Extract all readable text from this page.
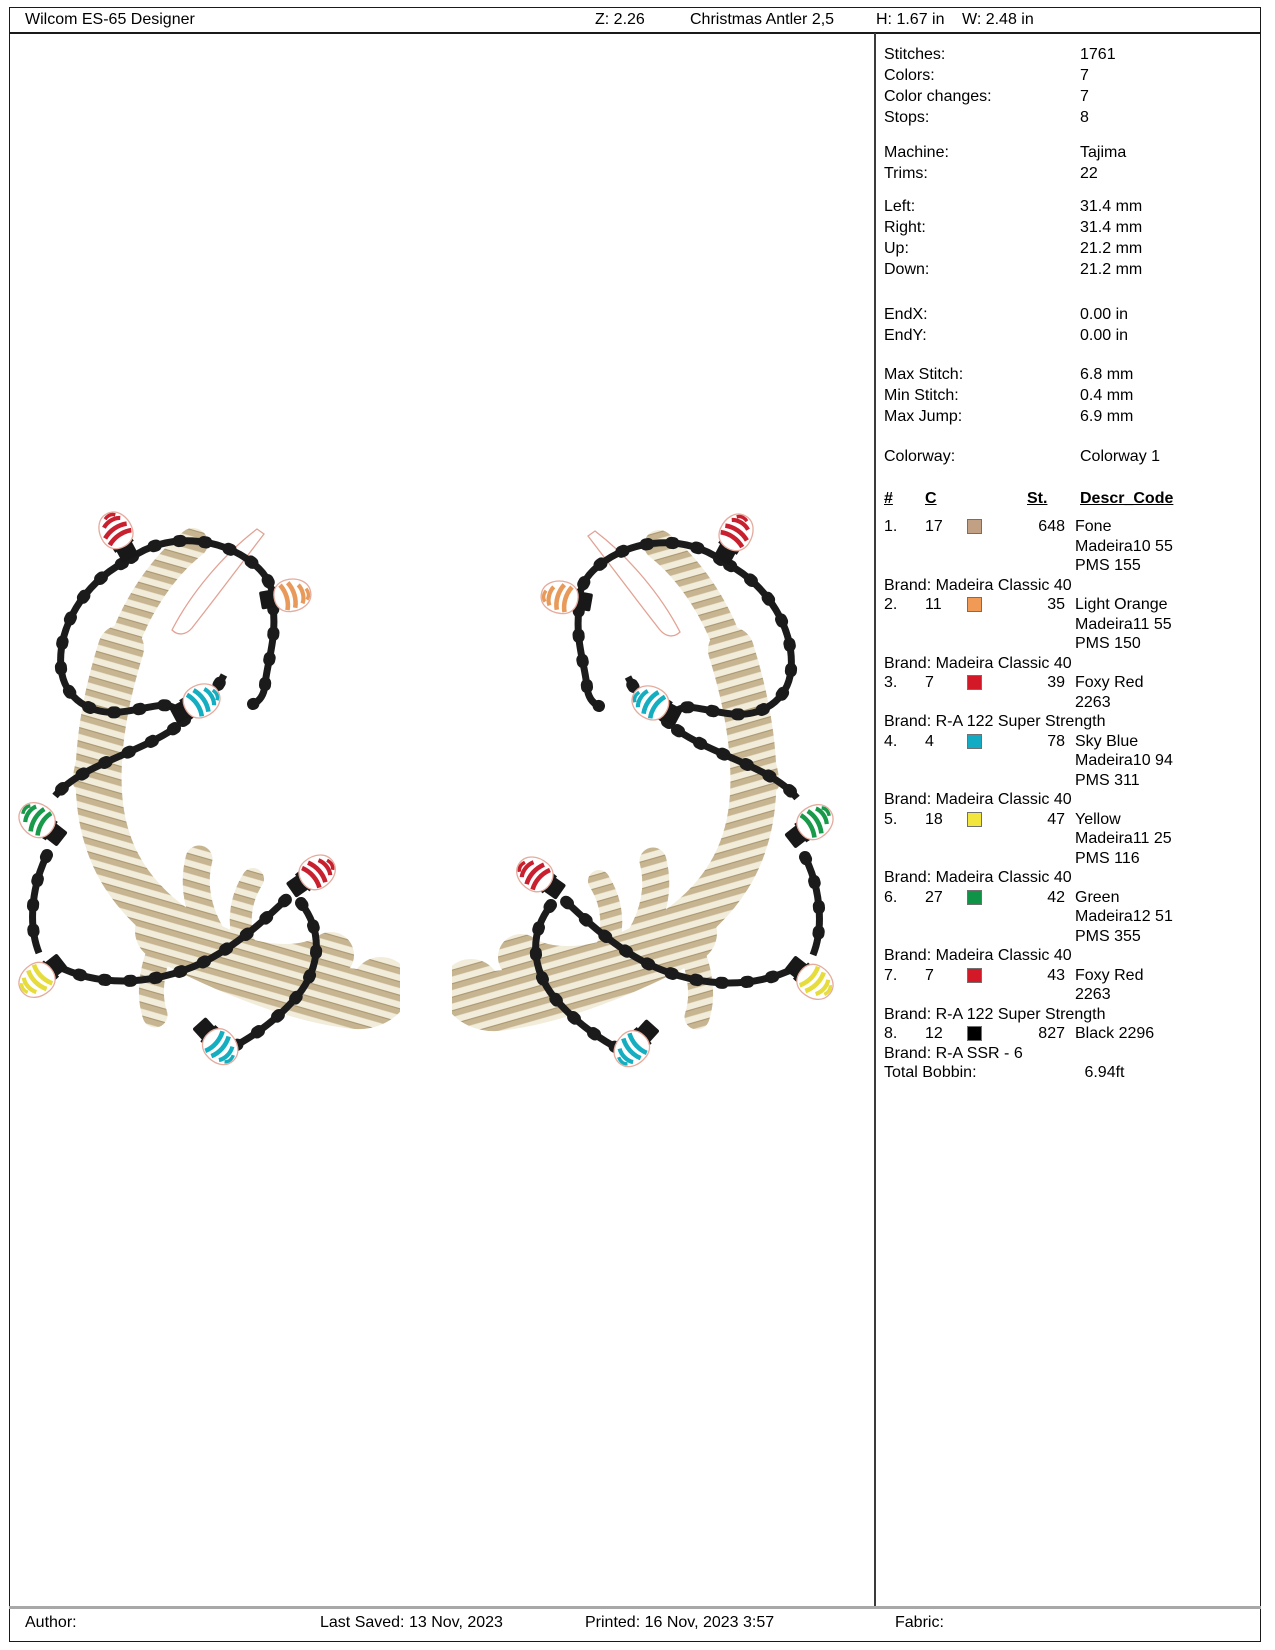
Wilcom ES-65 Designer	Z: 2.26	Christmas Antler 2,5	H: 1.67 in W: 2.48 in
Author:	Last Saved: 13 Nov, 2023	Printed: 16 Nov, 2023 3:57	Fabric:
Stitches:	1761
Colors:	7
Color changes:	7
Stops:	8
Machine:	Tajima
Trims:	22
Left:	31.4 mm
Right:	31.4 mm
Up:	21.2 mm
Down:	21.2 mm
EndX:	0.00 in
EndY:	0.00 in
Max Stitch:	6.8 mm
Min Stitch:	0.4 mm
Max Jump:	6.9 mm
Colorway:	Colorway 1
# C	St. Descr_Code
1. 17	648 Fone
Madeira10 55
PMS 155
Brand: Madeira Classic 40
2. 11	35 Light Orange
Madeira11 55
PMS 150
Brand: Madeira Classic 40
3. 7	39 Foxy Red
2263
Brand: R-A 122 Super Strength
4. 4	78 Sky Blue
Madeira10 94
PMS 311
Brand: Madeira Classic 40
5. 18	47 Yellow
Madeira11 25
PMS 116
Brand: Madeira Classic 40
6. 27	42 Green
Madeira12 51
PMS 355
Brand: Madeira Classic 40
7. 7	43 Foxy Red
2263
Brand: R-A 122 Super Strength
8. 12	827 Black 2296
Brand: R-A SSR - 6
Total Bobbin:	6.94ft
